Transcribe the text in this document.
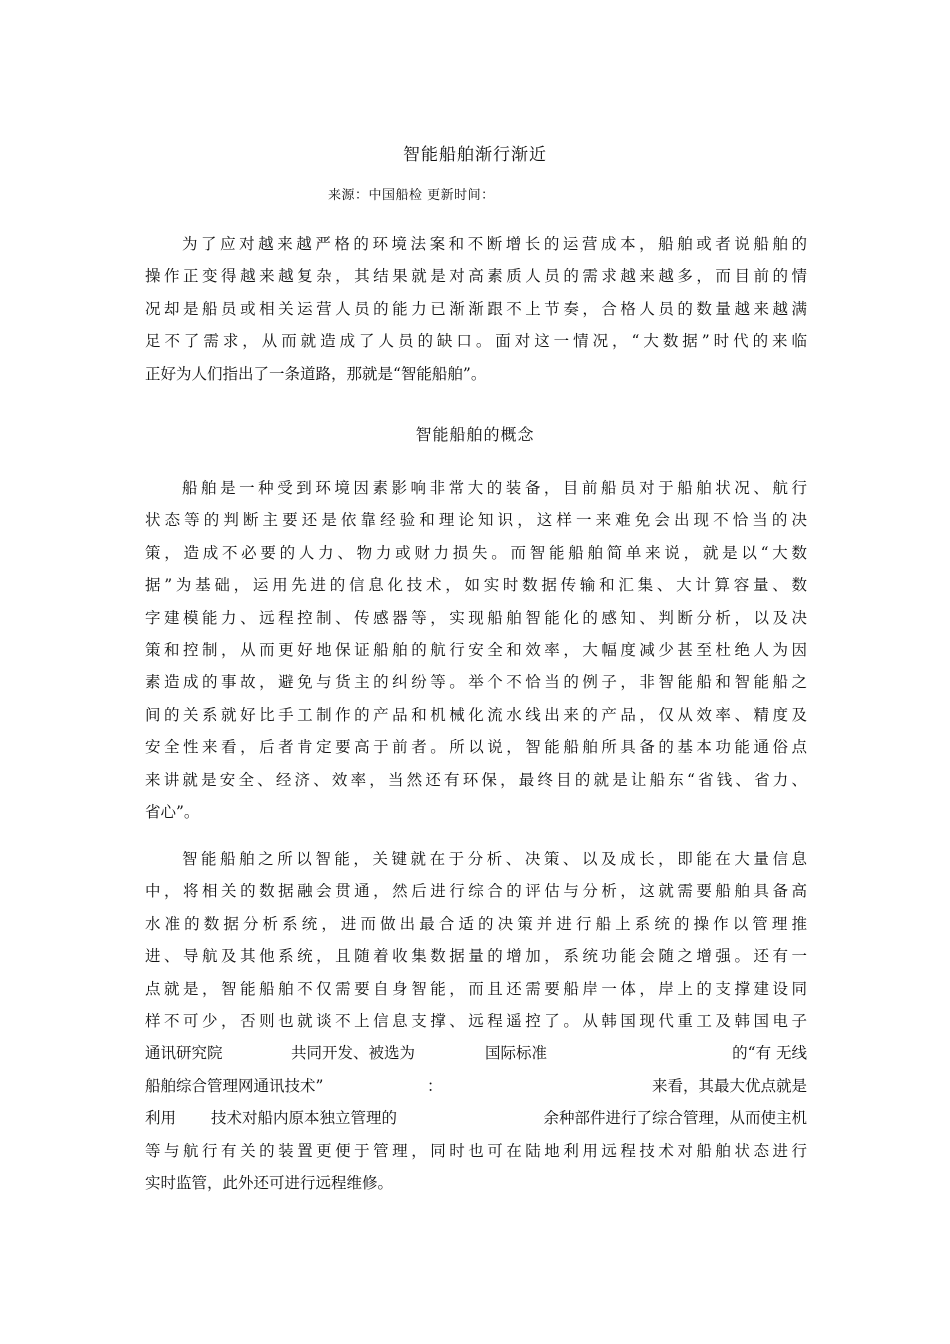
智能船舶渐行渐近
来源：中国船检 更新时间：
为了应对越来越严格的环境法案和不断增长的运营成本，船舶或者说船舶的
操作正变得越来越复杂，其结果就是对高素质人员的需求越来越多，而目前的情
况却是船员或相关运营人员的能力已渐渐跟不上节奏，合格人员的数量越来越满
足不了需求，从而就造成了人员的缺口。面对这一情况，“大数据”时代的来临
正好为人们指出了一条道路，那就是“智能船舶”。
智能船舶的概念
船舶是一种受到环境因素影响非常大的装备，目前船员对于船舶状况、航行
状态等的判断主要还是依靠经验和理论知识，这样一来难免会出现不恰当的决
策，造成不必要的人力、物力或财力损失。而智能船舶简单来说，就是以“大数
据”为基础，运用先进的信息化技术，如实时数据传输和汇集、大计算容量、数
字建模能力、远程控制、传感器等，实现船舶智能化的感知、判断分析，以及决
策和控制，从而更好地保证船舶的航行安全和效率，大幅度减少甚至杜绝人为因
素造成的事故，避免与货主的纠纷等。举个不恰当的例子，非智能船和智能船之
间的关系就好比手工制作的产品和机械化流水线出来的产品，仅从效率、精度及
安全性来看，后者肯定要高于前者。所以说，智能船舶所具备的基本功能通俗点
来讲就是安全、经济、效率，当然还有环保，最终目的就是让船东“省钱、省力、
省心”。
智能船舶之所以智能，关键就在于分析、决策、以及成长，即能在大量信息
中，将相关的数据融会贯通，然后进行综合的评估与分析，这就需要船舶具备高
水准的数据分析系统，进而做出最合适的决策并进行船上系统的操作以管理推
进、导航及其他系统，且随着收集数据量的增加，系统功能会随之增强。还有一
点就是，智能船舶不仅需要自身智能，而且还需要船岸一体，岸上的支撑建设同
样不可少，否则也就谈不上信息支撑、远程遥控了。从韩国现代重工及韩国电子
通讯研究院	共同开发、被选为	国际标准	的“有 无线
船舶综合管理网通讯技术”	：	来看，其最大优点就是
利用 技术对船内原本独立管理的	余种部件进行了综合管理，从而使主机
等与航行有关的装置更便于管理，同时也可在陆地利用远程技术对船舶状态进行
实时监管，此外还可进行远程维修。
